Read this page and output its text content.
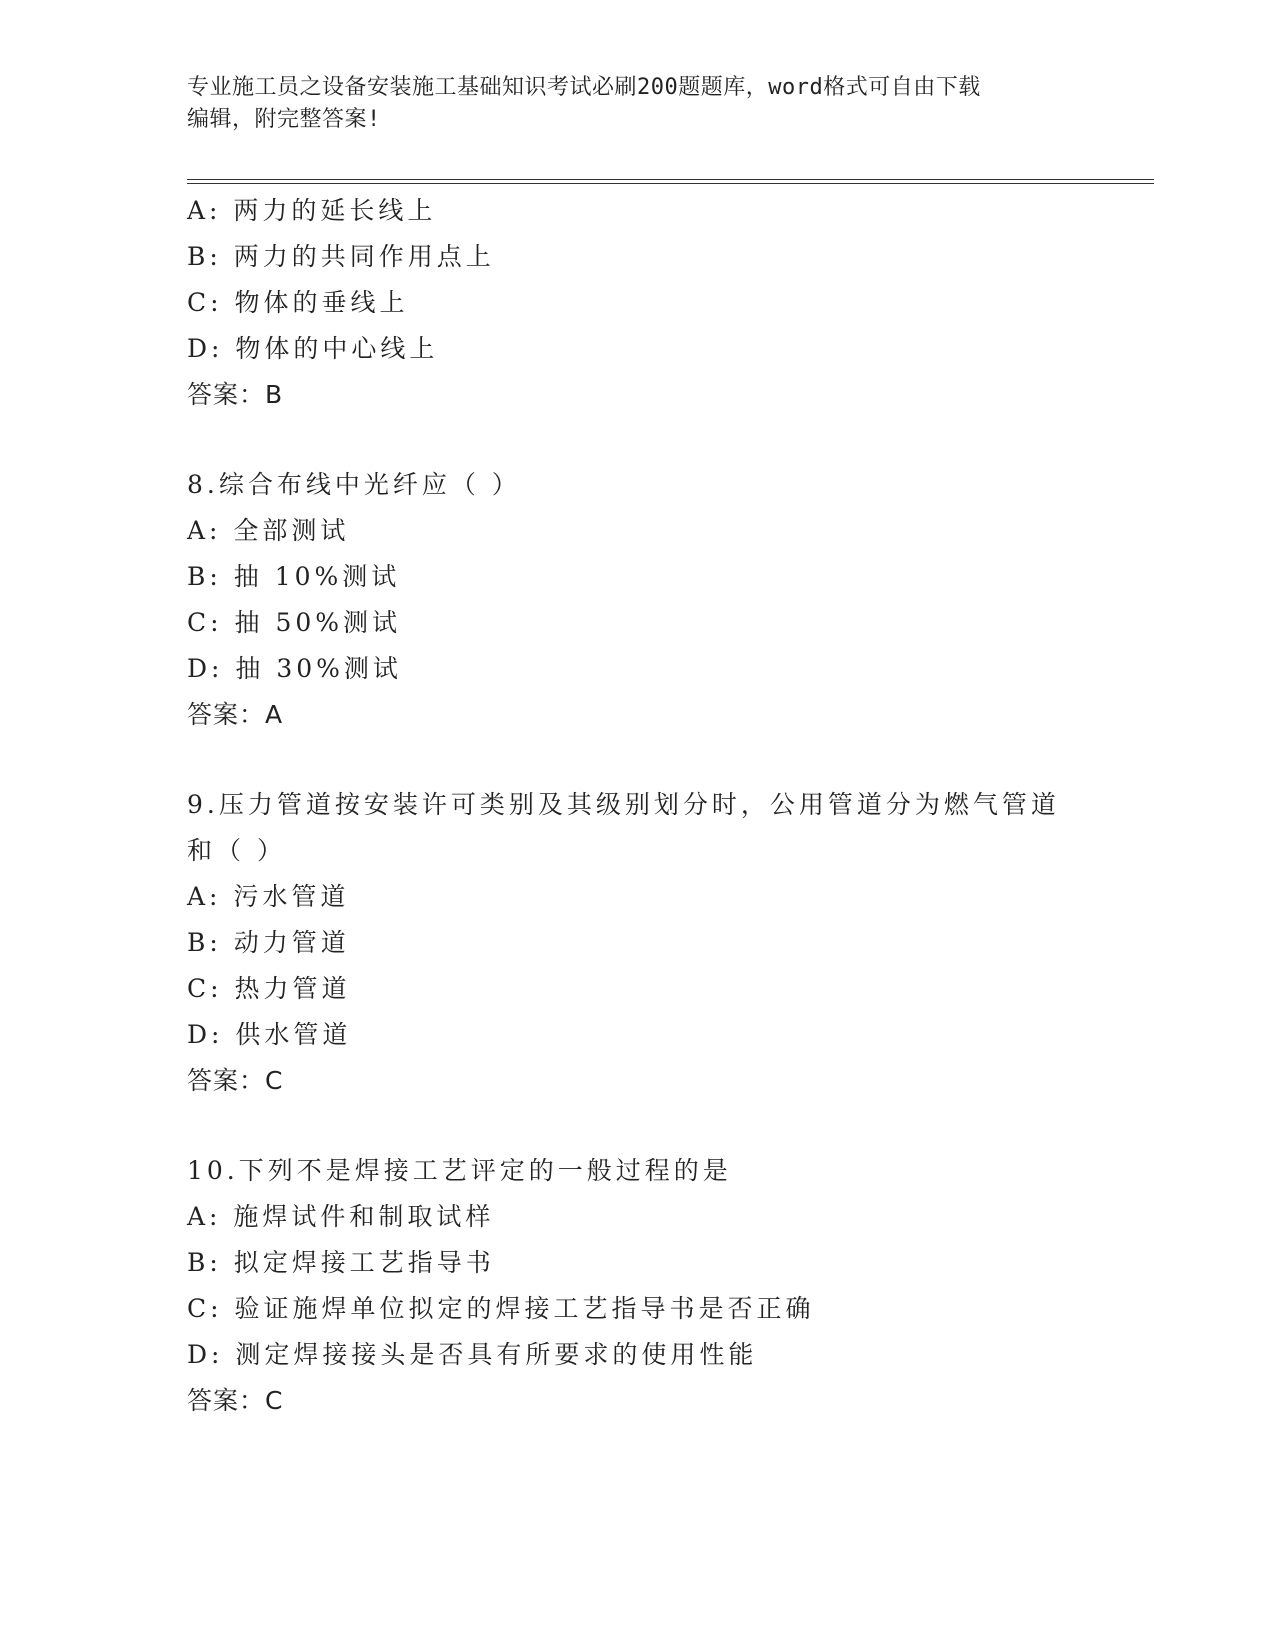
专业施工员之设备安装施工基础知识考试必刷200题题库，word格式可自由下载
编辑，附完整答案!
A: 两力的延长线上
B: 两力的共同作用点上
C: 物体的垂线上
D: 物体的中心线上
答案：B
8.综合布线中光纤应（ ）
A: 全部测试
B: 抽 10%测试
C: 抽 50%测试
D: 抽 30%测试
答案：A
9.压力管道按安装许可类别及其级别划分时，公用管道分为燃气管道
和（ ）
A: 污水管道
B: 动力管道
C: 热力管道
D: 供水管道
答案：C
10.下列不是焊接工艺评定的一般过程的是
A: 施焊试件和制取试样
B: 拟定焊接工艺指导书
C: 验证施焊单位拟定的焊接工艺指导书是否正确
D: 测定焊接接头是否具有所要求的使用性能
答案：C
